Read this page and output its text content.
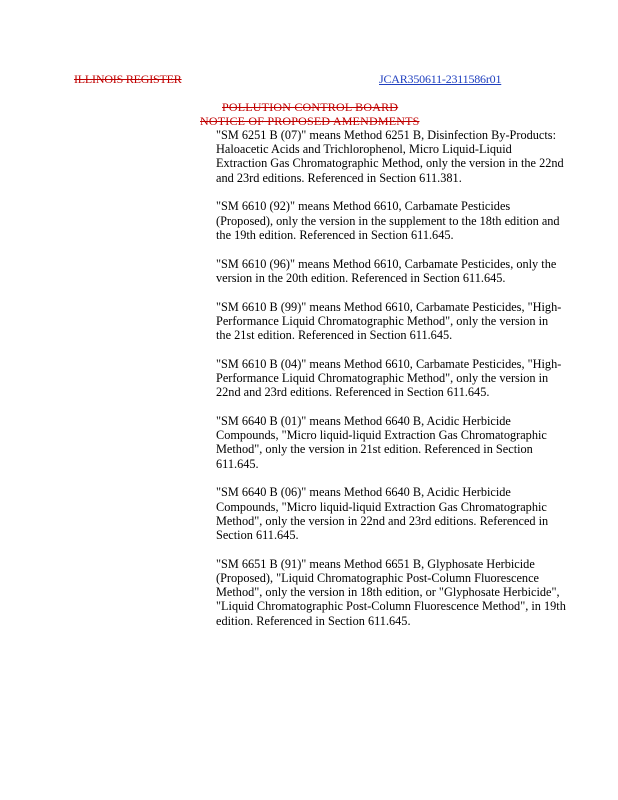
ILLINOIS REGISTER	JCAR350611-2311586r01
POLLUTION CONTROL BOARD
NOTICE OF PROPOSED AMENDMENTS

"SM 6251 B (07)" means Method 6251 B, Disinfection By-Products: Haloacetic Acids and Trichlorophenol, Micro Liquid-Liquid Extraction Gas Chromatographic Method, only the version in the 22nd and 23rd editions. Referenced in Section 611.381.

"SM 6610 (92)" means Method 6610, Carbamate Pesticides (Proposed), only the version in the supplement to the 18th edition and the 19th edition. Referenced in Section 611.645.

"SM 6610 (96)" means Method 6610, Carbamate Pesticides, only the version in the 20th edition. Referenced in Section 611.645.

"SM 6610 B (99)" means Method 6610, Carbamate Pesticides, "High-Performance Liquid Chromatographic Method", only the version in the 21st edition. Referenced in Section 611.645.

"SM 6610 B (04)" means Method 6610, Carbamate Pesticides, "High-Performance Liquid Chromatographic Method", only the version in 22nd and 23rd editions. Referenced in Section 611.645.

"SM 6640 B (01)" means Method 6640 B, Acidic Herbicide Compounds, "Micro liquid-liquid Extraction Gas Chromatographic Method", only the version in 21st edition. Referenced in Section 611.645.

"SM 6640 B (06)" means Method 6640 B, Acidic Herbicide Compounds, "Micro liquid-liquid Extraction Gas Chromatographic Method", only the version in 22nd and 23rd editions. Referenced in Section 611.645.

"SM 6651 B (91)" means Method 6651 B, Glyphosate Herbicide (Proposed), "Liquid Chromatographic Post-Column Fluorescence Method", only the version in 18th edition, or "Glyphosate Herbicide", "Liquid Chromatographic Post-Column Fluorescence Method", in 19th edition. Referenced in Section 611.645.
